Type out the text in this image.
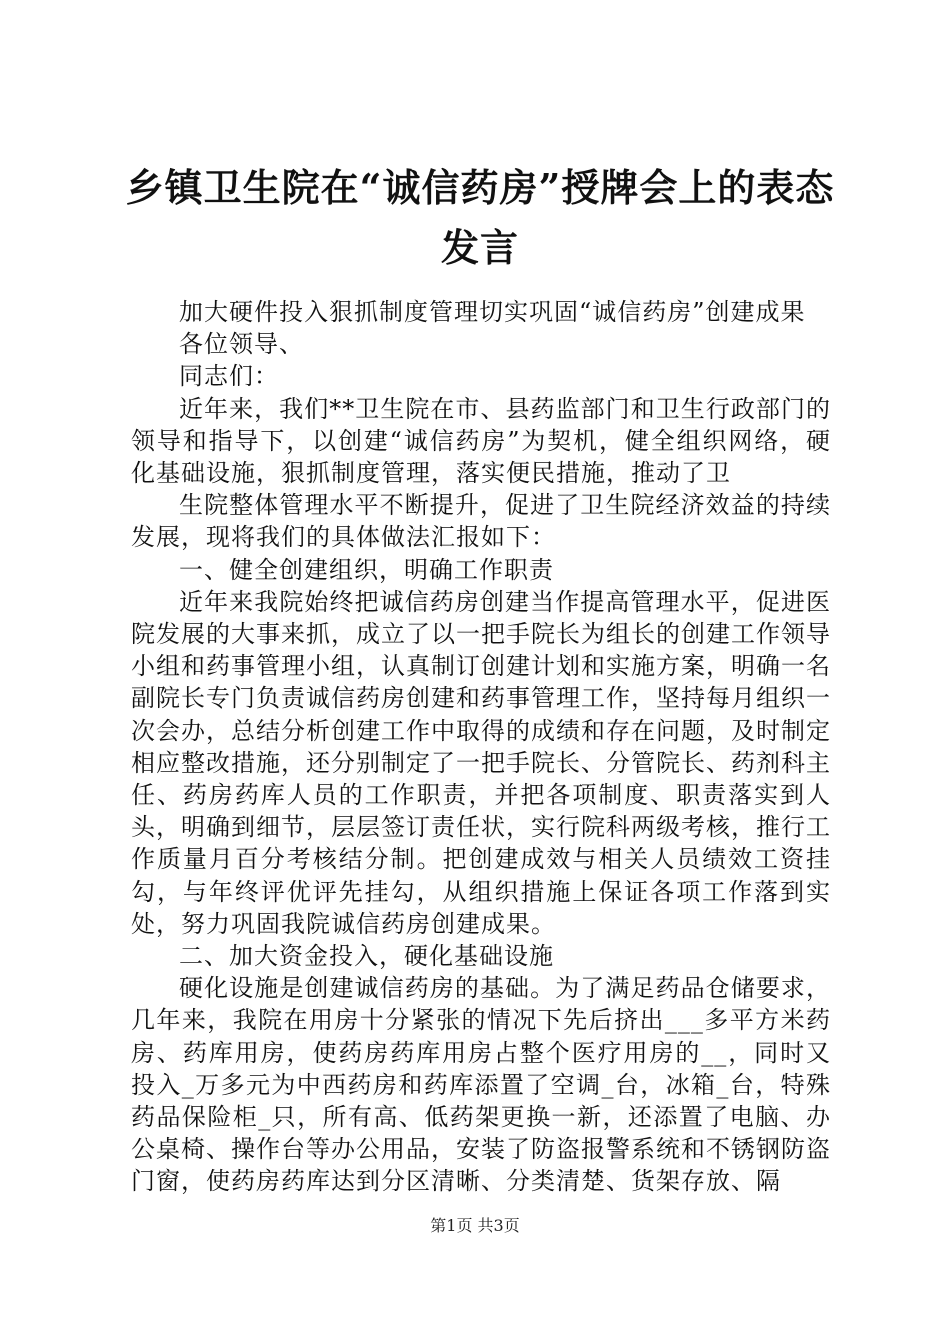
乡镇卫生院在“诚信药房”授牌会上的表态发言

加大硬件投入狠抓制度管理切实巩固“诚信药房”创建成果

各位领导、

同志们：

近年来，我们**卫生院在市、县药监部门和卫生行政部门的领导和指导下，以创建“诚信药房”为契机，健全组织网络，硬化基础设施，狠抓制度管理，落实便民措施，推动了卫

生院整体管理水平不断提升，促进了卫生院经济效益的持续发展，现将我们的具体做法汇报如下：

一、健全创建组织，明确工作职责

近年来我院始终把诚信药房创建当作提高管理水平，促进医院发展的大事来抓，成立了以一把手院长为组长的创建工作领导小组和药事管理小组，认真制订创建计划和实施方案，明确一名副院长专门负责诚信药房创建和药事管理工作，坚持每月组织一次会办，总结分析创建工作中取得的成绩和存在问题，及时制定相应整改措施，还分别制定了一把手院长、分管院长、药剂科主任、药房药库人员的工作职责，并把各项制度、职责落实到人头，明确到细节，层层签订责任状，实行院科两级考核，推行工作质量月百分考核结分制。把创建成效与相关人员绩效工资挂勾，与年终评优评先挂勾，从组织措施上保证各项工作落到实处，努力巩固我院诚信药房创建成果。

二、加大资金投入，硬化基础设施

硬化设施是创建诚信药房的基础。为了满足药品仓储要求，几年来，我院在用房十分紧张的情况下先后挤出___多平方米药房、药库用房，使药房药库用房占整个医疗用房的__，同时又投入_万多元为中西药房和药库添置了空调_台，冰箱_台，特殊药品保险柜_只，所有高、低药架更换一新，还添置了电脑、办公桌椅、操作台等办公用品，安装了防盗报警系统和不锈钢防盗门窗，使药房药库达到分区清晰、分类清楚、货架存放、隔

第1页 共3页
